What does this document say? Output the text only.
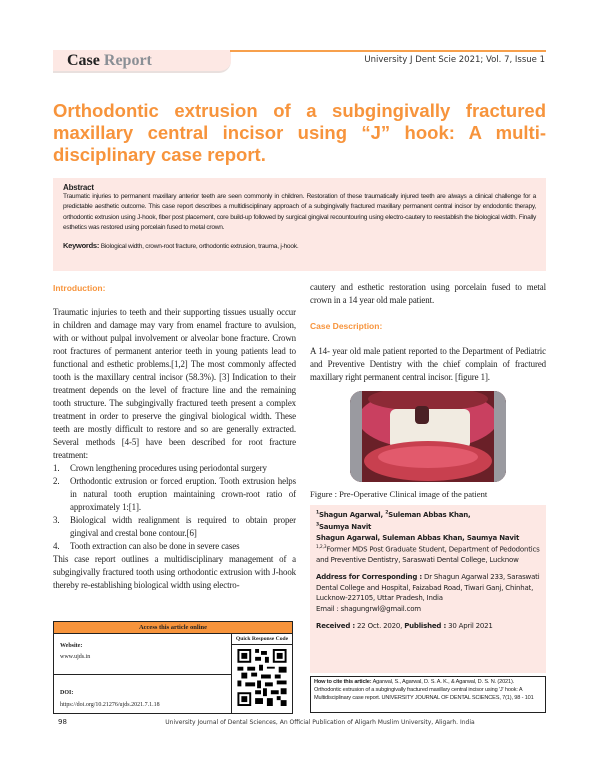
Case Report	University J Dent Scie 2021; Vol. 7, Issue 1
Orthodontic extrusion of a subgingivally fractured maxillary central incisor using “J” hook: A multi-disciplinary case report.
Abstract

Traumatic injuries to permanent maxillary anterior teeth are seen commonly in children. Restoration of these traumatically injured teeth are always a clinical challenge for a predictable aesthetic outcome. This case report describes a multidisciplinary approach of a subgingivally fractured maxillary permanent central incisor by endodontic therapy, orthodontic extrusion using J-hook, fiber post placement, core build-up followed by surgical gingival recountouring using electro-cautery to reestablish the biological width. Finally esthetics was restored using porcelain fused to metal crown.

Keywords: Biological width, crown-root fracture, orthodontic extrusion, trauma, j-hook.

Introduction:

Traumatic injuries to teeth and their supporting tissues usually occur in children and damage may vary from enamel fracture to avulsion, with or without pulpal involvement or alveolar bone fracture. Crown root fractures of permanent anterior teeth in young patients lead to functional and esthetic problems.[1,2] The most commonly affected tooth is the maxillary central incisor (58.3%). [3] Indication to their treatment depends on the level of fracture line and the remaining tooth structure. The subgingivally fractured teeth present a complex treatment in order to preserve the gingival biological width. These teeth are mostly difficult to restore and so are generally extracted. Several methods [4-5] have been described for root fracture treatment:

1. Crown lengthening procedures using periodontal surgery
2. Orthodontic extrusion or forced eruption. Tooth extrusion helps in natural tooth eruption maintaining crown-root ratio of approximately 1:[1].
3. Biological width realignment is required to obtain proper gingival and crestal bone contour.[6]
4. Tooth extraction can also be done in severe cases

This case report outlines a multidisciplinary management of a subgingivally fractured tooth using orthodontic extrusion with J-hook thereby re-establishing biological width using electro-

Access this article online
Website:
www.ujds.in
DOI:
https://doi.org/10.21276/ujds.2021.7.1.18
Quick Response Code
cautery and esthetic restoration using porcelain fused to metal crown in a 14 year old male patient.
Case Description:
A 14- year old male patient reported to the Department of Pediatric and Preventive Dentistry with the chief complain of fractured maxillary right permanent central incisor. [figure 1].
Figure : Pre-Operative Clinical image of the patient
$^1$Shagun Agarwal, $^2$Suleman Abbas Khan,
$^3$Saumya Navit
Shagun Agarwal, Suleman Abbas Khan, Saumya Navit
$^{1,2,3}$Former MDS Post Graduate Student, Department of Pedodontics and Preventive Dentistry, Saraswati Dental College, Lucknow
Address for Corresponding : Dr Shagun Agarwal 233, Saraswati Dental College and Hospital, Faizabad Road, Tiwari Ganj, Chinhat, Lucknow-227105, Uttar Pradesh, India
Email : shagungrwl@gmail.com
Received : 22 Oct. 2020, Published : 30 April 2021
How to cite this article: Agarwal, S., Agarwal, D. S. A. K., & Agarwal, D. S. N. (2021). Orthodontic extrusion of a subgingivally fractured maxillary central incisor using 'J' hook: A Multidisciplinary case report. UNIVERSITY JOURNAL OF DENTAL SCIENCES, 7(1), 98 - 101
University Journal of Dental Sciences, An Official Publication of Aligarh Muslim University, Aligarh. India
98
